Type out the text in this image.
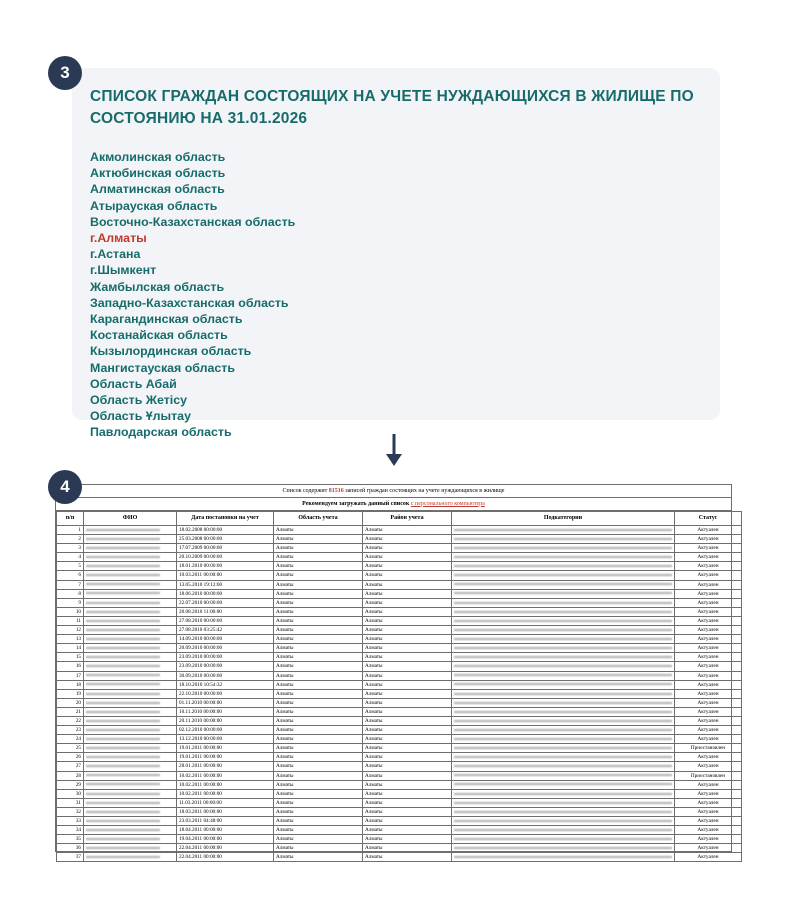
3
СПИСОК ГРАЖДАН СОСТОЯЩИХ НА УЧЕТЕ НУЖДАЮЩИХСЯ В ЖИЛИЩЕ ПО СОСТОЯНИЮ НА 31.01.2026
Акмолинская область
Актюбинская область
Алматинская область
Атырауская область
Восточно-Казахстанская область
г.Алматы
г.Астана
г.Шымкент
Жамбылская область
Западно-Казахстанская область
Карагандинская область
Костанайская область
Кызылординская область
Мангистауская область
Область Абай
Область Жетісу
Область Ұлытау
Павлодарская область
4	Список содержит 81516 записей граждан состоящих на учете нуждающихся в жилище
Рекомендуем загружать данный список с персонального компьютера
п/п	ФИО	Дата постановки на учет	Область учета	Район учета	Подкатегории	Статус
1		18.02.2008 00:00:00	Алматы	Алматы		Актуален
2		25.03.2008 00:00:00	Алматы	Алматы		Актуален
3		17.07.2009 00:00:00	Алматы	Алматы		Актуален
4		20.10.2009 00:00:00	Алматы	Алматы		Актуален
5		18.01.2010 00:00:00	Алматы	Алматы		Актуален
6		10.03.2011 00:00:00	Алматы	Алматы		Актуален
7		13.05.2010 19:12:00	Алматы	Алматы		Актуален
8		18.06.2010 00:00:00	Алматы	Алматы		Актуален
9		22.07.2010 00:00:00	Алматы	Алматы		Актуален
10		20.08.2010 11:00:00	Алматы	Алматы		Актуален
11		27.08.2010 00:00:00	Алматы	Алматы		Актуален
12		27.08.2010 03:25:42	Алматы	Алматы		Актуален
13		14.09.2010 00:00:00	Алматы	Алматы		Актуален
14		20.09.2010 00:00:00	Алматы	Алматы		Актуален
15		23.09.2010 00:00:00	Алматы	Алматы		Актуален
16		23.09.2010 00:00:00	Алматы	Алматы		Актуален
17		30.09.2010 00:00:00	Алматы	Алматы		Актуален
18		18.10.2010 10:54:32	Алматы	Алматы		Актуален
19		22.10.2010 00:00:00	Алматы	Алматы		Актуален
20		01.11.2010 00:00:00	Алматы	Алматы		Актуален
21		10.11.2010 00:00:00	Алматы	Алматы		Актуален
22		20.11.2010 00:00:00	Алматы	Алматы		Актуален
23		02.12.2010 00:00:00	Алматы	Алматы		Актуален
24		13.12.2010 00:00:00	Алматы	Алматы		Актуален
25		19.01.2011 00:00:00	Алматы	Алматы		Приостановлен
26		19.01.2011 00:00:00	Алматы	Алматы		Актуален
27		28.01.2011 00:00:00	Алматы	Алматы		Актуален
28		10.02.2011 00:00:00	Алматы	Алматы		Приостановлен
29		10.02.2011 00:00:00	Алматы	Алматы		Актуален
30		10.02.2011 00:00:00	Алматы	Алматы		Актуален
31		11.03.2011 00:00:00	Алматы	Алматы		Актуален
32		18.03.2011 00:00:00	Алматы	Алматы		Актуален
33		23.03.2011 04:48:00	Алматы	Алматы		Актуален
34		18.04.2011 00:00:00	Алматы	Алматы		Актуален
35		19.04.2011 00:00:00	Алматы	Алматы		Актуален
36		22.04.2011 00:00:00	Алматы	Алматы		Актуален
37		22.04.2011 00:00:00	Алматы	Алматы		Актуален
